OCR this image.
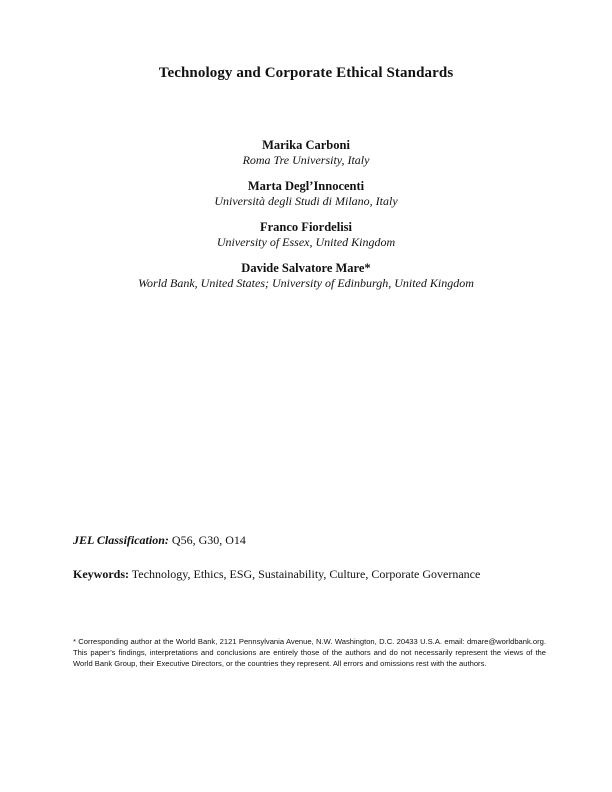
Technology and Corporate Ethical Standards
Marika Carboni
Roma Tre University, Italy
Marta Degl’Innocenti
Università degli Studi di Milano, Italy
Franco Fiordelisi
University of Essex, United Kingdom
Davide Salvatore Mare*
World Bank, United States; University of Edinburgh, United Kingdom
JEL Classification: Q56, G30, O14
Keywords: Technology, Ethics, ESG, Sustainability, Culture, Corporate Governance
* Corresponding author at the World Bank, 2121 Pennsylvania Avenue, N.W. Washington, D.C. 20433 U.S.A. email: dmare@worldbank.org. This paper’s findings, interpretations and conclusions are entirely those of the authors and do not necessarily represent the views of the World Bank Group, their Executive Directors, or the countries they represent. All errors and omissions rest with the authors.
